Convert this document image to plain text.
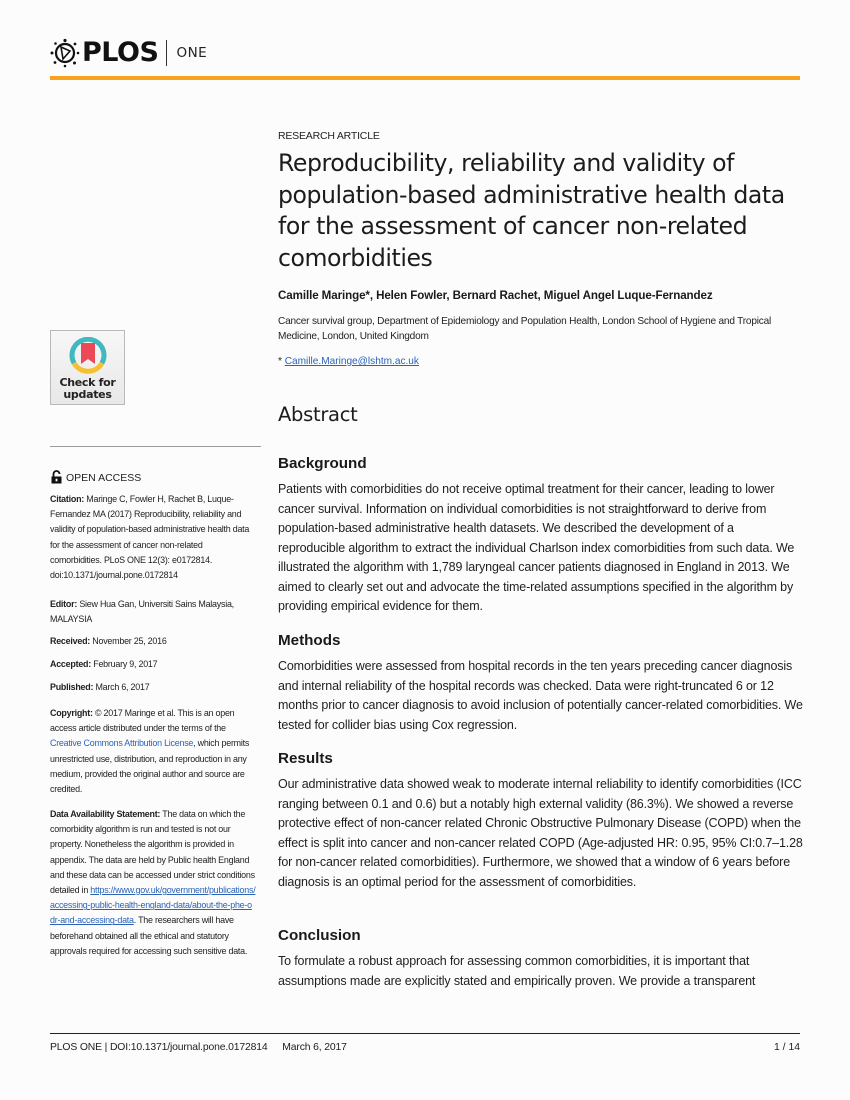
PLOS ONE
Check for
updates
OPEN ACCESS
Citation: Maringe C, Fowler H, Rachet B, Luque-Fernandez MA (2017) Reproducibility, reliability and validity of population-based administrative health data for the assessment of cancer non-related comorbidities. PLoS ONE 12(3): e0172814. doi:10.1371/journal.pone.0172814
Editor: Siew Hua Gan, Universiti Sains Malaysia, MALAYSIA
Received: November 25, 2016
Accepted: February 9, 2017
Published: March 6, 2017
Copyright: © 2017 Maringe et al. This is an open access article distributed under the terms of the Creative Commons Attribution License, which permits unrestricted use, distribution, and reproduction in any medium, provided the original author and source are credited.
Data Availability Statement: The data on which the comorbidity algorithm is run and tested is not our property. Nonetheless the algorithm is provided in appendix. The data are held by Public health England and these data can be accessed under strict conditions detailed in https://www.gov.uk/government/publications/accessing-public-health-england-data/about-the-phe-odr-and-accessing-data. The researchers will have beforehand obtained all the ethical and statutory approvals required for accessing such sensitive data.
RESEARCH ARTICLE
Reproducibility, reliability and validity of
population-based administrative health data
for the assessment of cancer non-related
comorbidities
Camille Maringe*, Helen Fowler, Bernard Rachet, Miguel Angel Luque-Fernandez
Cancer survival group, Department of Epidemiology and Population Health, London School of Hygiene and Tropical Medicine, London, United Kingdom
* Camille.Maringe@lshtm.ac.uk
Abstract
Background
Patients with comorbidities do not receive optimal treatment for their cancer, leading to lower cancer survival. Information on individual comorbidities is not straightforward to derive from population-based administrative health datasets. We described the development of a reproducible algorithm to extract the individual Charlson index comorbidities from such data. We illustrated the algorithm with 1,789 laryngeal cancer patients diagnosed in England in 2013. We aimed to clearly set out and advocate the time-related assumptions specified in the algorithm by providing empirical evidence for them.
Methods
Comorbidities were assessed from hospital records in the ten years preceding cancer diagnosis and internal reliability of the hospital records was checked. Data were right-truncated 6 or 12 months prior to cancer diagnosis to avoid inclusion of potentially cancer-related comorbidities. We tested for collider bias using Cox regression.
Results
Our administrative data showed weak to moderate internal reliability to identify comorbidities (ICC ranging between 0.1 and 0.6) but a notably high external validity (86.3%). We showed a reverse protective effect of non-cancer related Chronic Obstructive Pulmonary Disease (COPD) when the effect is split into cancer and non-cancer related COPD (Age-adjusted HR: 0.95, 95% CI:0.7–1.28 for non-cancer related comorbidities). Furthermore, we showed that a window of 6 years before diagnosis is an optimal period for the assessment of comorbidities.
Conclusion
To formulate a robust approach for assessing common comorbidities, it is important that assumptions made are explicitly stated and empirically proven. We provide a transparent
PLOS ONE | DOI:10.1371/journal.pone.0172814 March 6, 2017	1 / 14
